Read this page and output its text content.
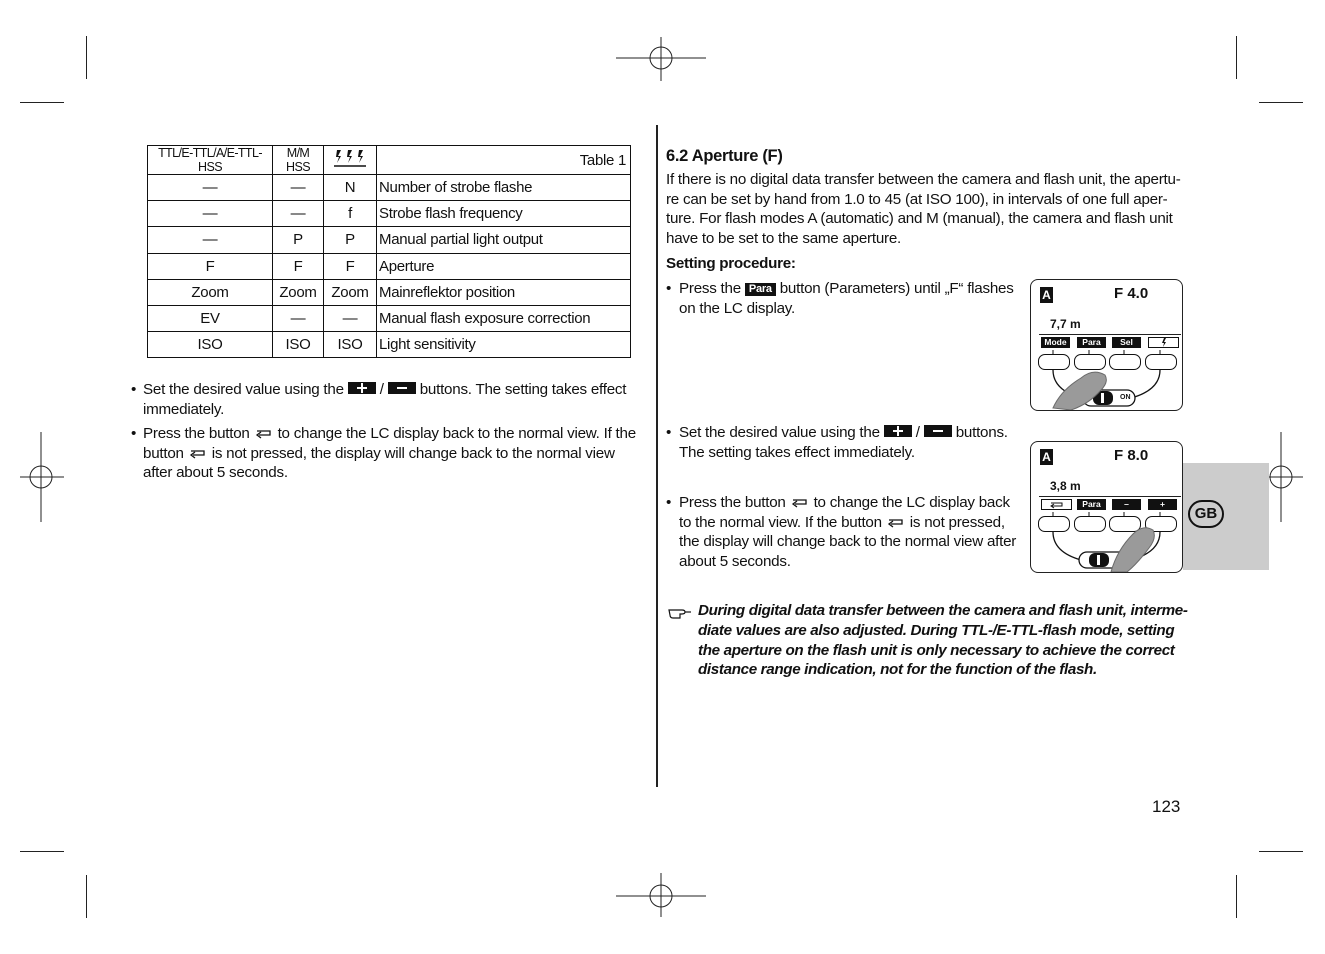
TTL/E-TTL/A/E-TTL-HSS	M/M HSS		Table 1
—	—	N	Number of strobe flashe
—	—	f	Strobe flash frequency
—	P	P	Manual partial light output
F	F	F	Aperture
Zoom	Zoom	Zoom	Mainreflektor position
EV	—	—	Manual flash exposure correction
ISO	ISO	ISO	Light sensitivity
• Set the desired value using the / buttons. The setting takes effect immediately.
• Press the button to change the LC display back to the normal view. If the button is not pressed, the display will change back to the normal view after about 5 seconds.
6.2 Aperture (F)
If there is no digital data transfer between the camera and flash unit, the apertu-re can be set by hand from 1.0 to 45 (at ISO 100), in intervals of one full aper-ture. For flash modes A (automatic) and M (manual), the camera and flash unit have to be set to the same aperture.
Setting procedure:
• Press the Para button (Parameters) until „F“ flashes on the LC display.
• Set the desired value using the / buttons. The setting takes effect immediately.
• Press the button to change the LC display back to the normal view. If the button is not pressed, the display will change back to the normal view after about 5 seconds.
During digital data transfer between the camera and flash unit, interme-diate values are also adjusted. During TTL-/E-TTL-flash mode, setting the aperture on the flash unit is only necessary to achieve the correct distance range indication, not for the function of the flash.
A	F 4.0
7,7 m
Mode	Para	Sel
ON
A	F 8.0
3,8 m
Para	–	+
GB
123
